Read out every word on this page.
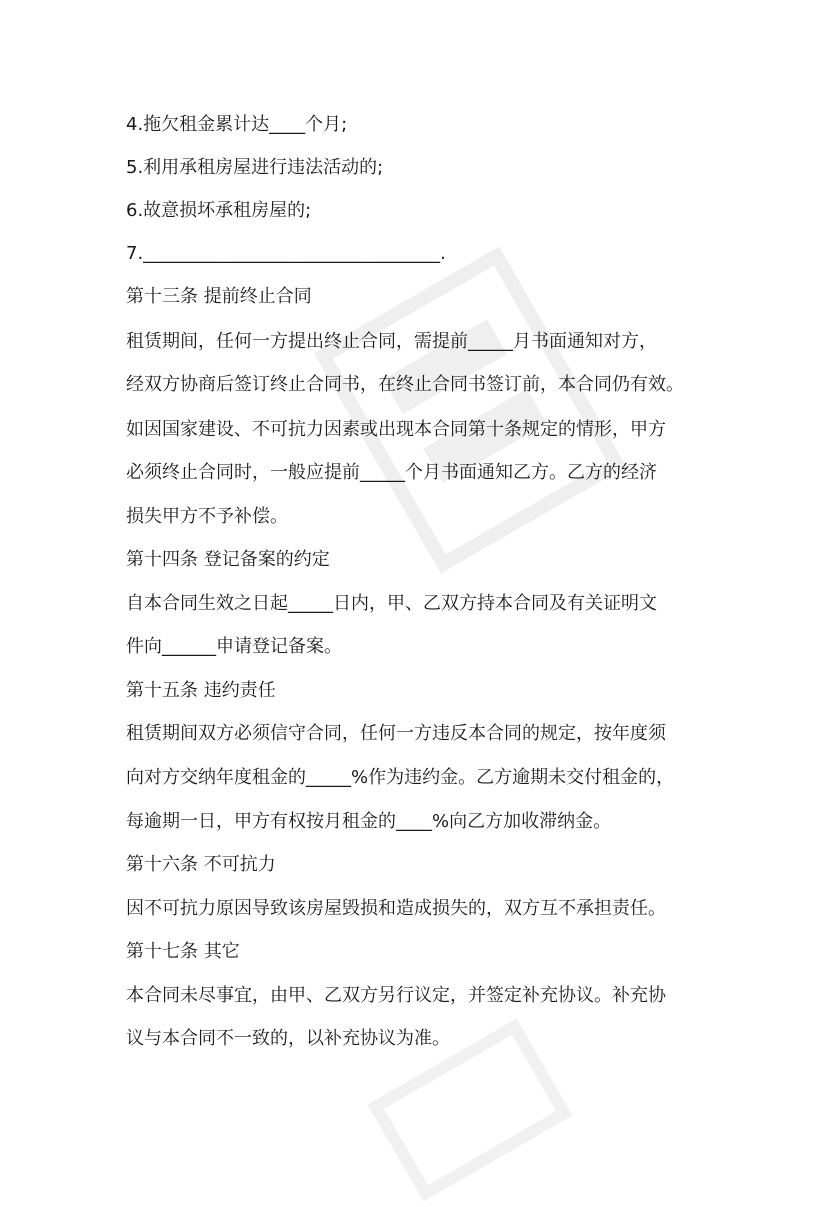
4.拖欠租金累计达____个月;
5.利用承租房屋进行违法活动的;
6.故意损坏承租房屋的;
7._________________________________.
第十三条 提前终止合同
租赁期间，任何一方提出终止合同，需提前_____月书面通知对方，
经双方协商后签订终止合同书，在终止合同书签订前，本合同仍有效。
如因国家建设、不可抗力因素或出现本合同第十条规定的情形，甲方
必须终止合同时，一般应提前_____个月书面通知乙方。乙方的经济
损失甲方不予补偿。
第十四条 登记备案的约定
自本合同生效之日起_____日内，甲、乙双方持本合同及有关证明文
件向______申请登记备案。
第十五条 违约责任
租赁期间双方必须信守合同，任何一方违反本合同的规定，按年度须
向对方交纳年度租金的_____%作为违约金。乙方逾期未交付租金的，
每逾期一日，甲方有权按月租金的____%向乙方加收滞纳金。
第十六条 不可抗力
因不可抗力原因导致该房屋毁损和造成损失的，双方互不承担责任。
第十七条 其它
本合同未尽事宜，由甲、乙双方另行议定，并签定补充协议。补充协
议与本合同不一致的，以补充协议为准。
